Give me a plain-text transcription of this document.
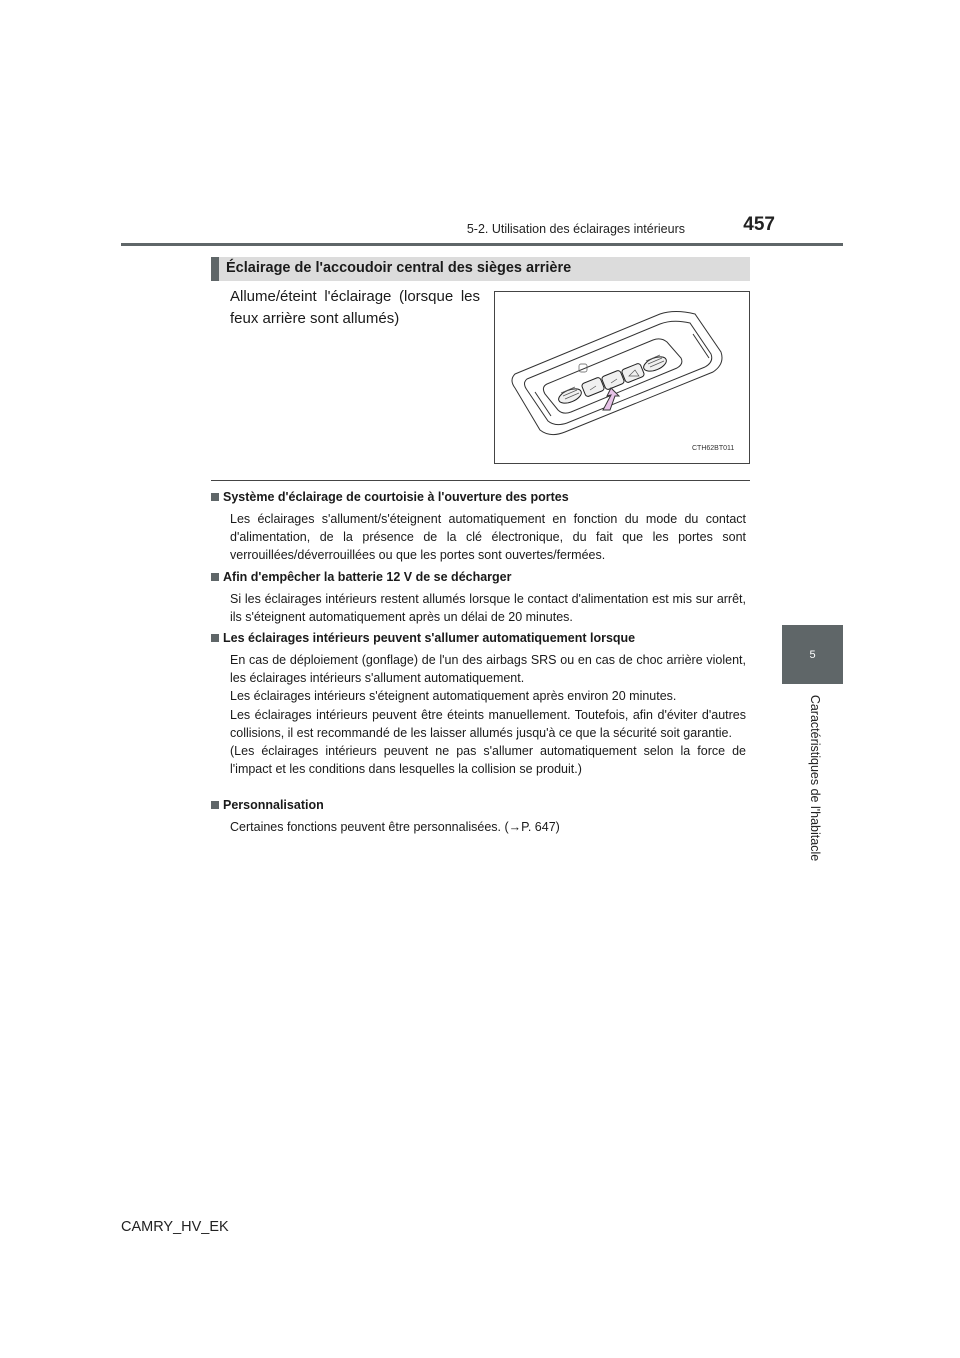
5-2. Utilisation des éclairages intérieurs	457
5
Caractéristiques de l'habitacle
Éclairage de l'accoudoir central des sièges arrière
Allume/éteint l'éclairage (lorsque les feux arrière sont allumés)
CTH62BT011
Système d'éclairage de courtoisie à l'ouverture des portes

Les éclairages s'allument/s'éteignent automatiquement en fonction du mode du contact d'alimentation, de la présence de la clé électronique, du fait que les portes sont verrouillées/déverrouillées ou que les portes sont ouvertes/fermées.

Afin d'empêcher la batterie 12 V de se décharger

Si les éclairages intérieurs restent allumés lorsque le contact d'alimentation est mis sur arrêt, ils s'éteignent automatiquement après un délai de 20 minutes.

Les éclairages intérieurs peuvent s'allumer automatiquement lorsque

En cas de déploiement (gonflage) de l'un des airbags SRS ou en cas de choc arrière violent, les éclairages intérieurs s'allument automatiquement.

Les éclairages intérieurs s'éteignent automatiquement après environ 20 minutes.

Les éclairages intérieurs peuvent être éteints manuellement. Toutefois, afin d'éviter d'autres collisions, il est recommandé de les laisser allumés jusqu'à ce que la sécurité soit garantie.

(Les éclairages intérieurs peuvent ne pas s'allumer automatiquement selon la force de l'impact et les conditions dans lesquelles la collision se produit.)

Personnalisation

Certaines fonctions peuvent être personnalisées. (→P. 647)

CAMRY_HV_EK
